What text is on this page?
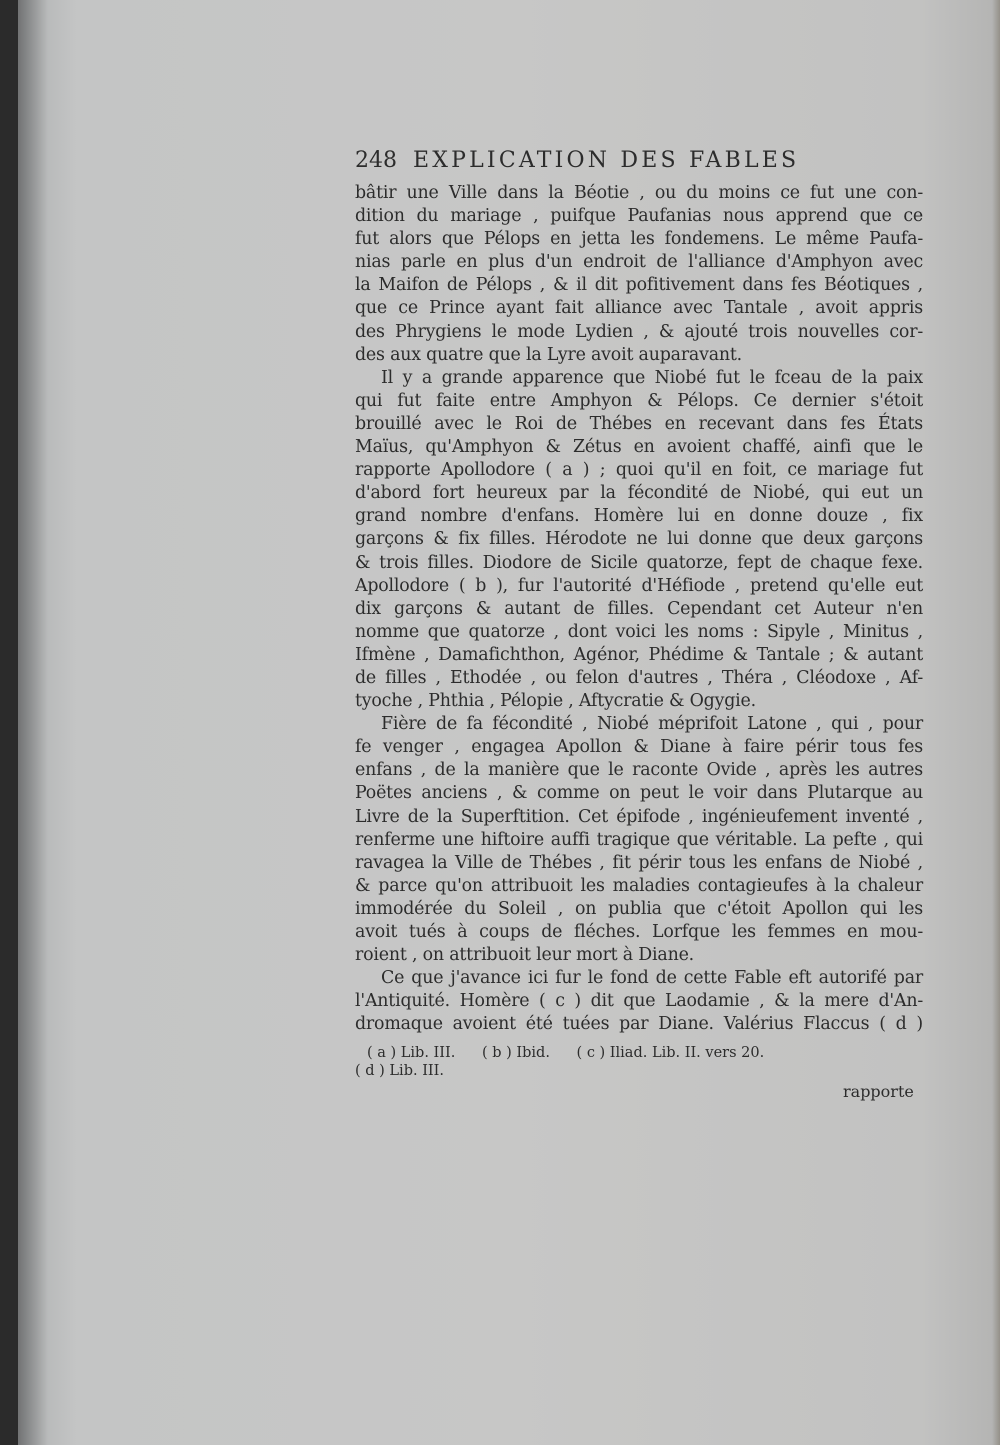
248 EXPLICATION DES FABLES

bâtir une Ville dans la Béotie , ou du moins ce fut une con-

dition du mariage , puifque Paufanias nous apprend que ce

fut alors que Pélops en jetta les fondemens. Le même Paufa-

nias parle en plus d'un endroit de l'alliance d'Amphyon avec

la Maifon de Pélops , & il dit pofitivement dans fes Béotiques ,

que ce Prince ayant fait alliance avec Tantale , avoit appris

des Phrygiens le mode Lydien , & ajouté trois nouvelles cor-

des aux quatre que la Lyre avoit auparavant.

Il y a grande apparence que Niobé fut le fceau de la paix

qui fut faite entre Amphyon & Pélops. Ce dernier s'étoit

brouillé avec le Roi de Thébes en recevant dans fes États

Maïus, qu'Amphyon & Zétus en avoient chaffé, ainfi que le

rapporte Apollodore ( a ) ; quoi qu'il en foit, ce mariage fut

d'abord fort heureux par la fécondité de Niobé, qui eut un

grand nombre d'enfans. Homère lui en donne douze , fix

garçons & fix filles. Hérodote ne lui donne que deux garçons

& trois filles. Diodore de Sicile quatorze, fept de chaque fexe.

Apollodore ( b ), fur l'autorité d'Héfiode , pretend qu'elle eut

dix garçons & autant de filles. Cependant cet Auteur n'en

nomme que quatorze , dont voici les noms : Sipyle , Minitus ,

Ifmène , Damafichthon, Agénor, Phédime & Tantale ; & autant

de filles , Ethodée , ou felon d'autres , Théra , Cléodoxe , Af-

tyoche , Phthia , Pélopie , Aftycratie & Ogygie.

Fière de fa fécondité , Niobé méprifoit Latone , qui , pour

fe venger , engagea Apollon & Diane à faire périr tous fes

enfans , de la manière que le raconte Ovide , après les autres

Poëtes anciens , & comme on peut le voir dans Plutarque au

Livre de la Superftition. Cet épifode , ingénieufement inventé ,

renferme une hiftoire auffi tragique que véritable. La pefte , qui

ravagea la Ville de Thébes , fit périr tous les enfans de Niobé ,

& parce qu'on attribuoit les maladies contagieufes à la chaleur

immodérée du Soleil , on publia que c'étoit Apollon qui les

avoit tués à coups de fléches. Lorfque les femmes en mou-

roient , on attribuoit leur mort à Diane.

Ce que j'avance ici fur le fond de cette Fable eft autorifé par

l'Antiquité. Homère ( c ) dit que Laodamie , & la mere d'An-

dromaque avoient été tuées par Diane. Valérius Flaccus ( d )

( a ) Lib. III. ( b ) Ibid. ( c ) Iliad. Lib. II. vers 20.
( d ) Lib. III.
rapporte
